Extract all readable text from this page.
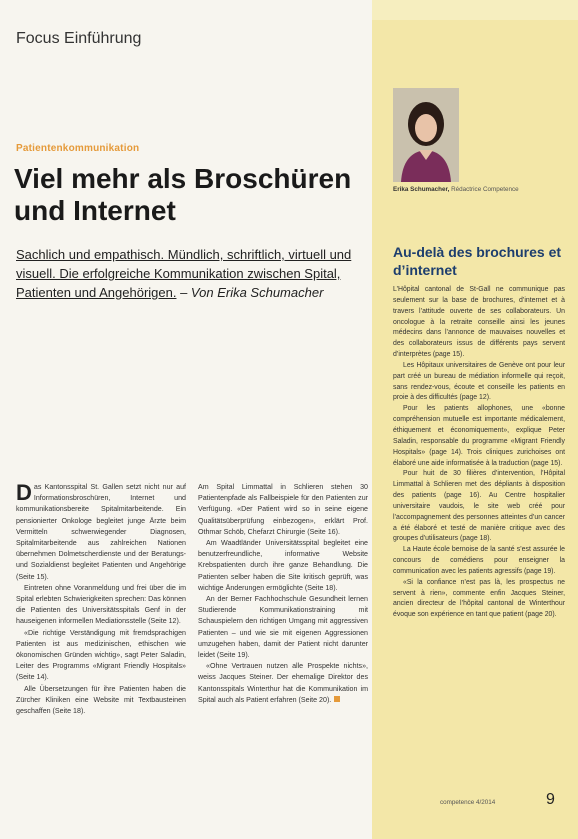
Focus Einführung
Patientenkommunikation
Viel mehr als Broschüren und Internet

Sachlich und empathisch. Mündlich, schriftlich, virtuell und visuell. Die erfolgreiche Kommunikation zwischen Spital, Patienten und Angehörigen. – Von Erika Schumacher

Das Kantonsspital St. Gallen setzt nicht nur auf Informationsbroschüren, Internet und kommunikationsbereite Spitalmitarbeitende. Ein pensionierter Onkologe begleitet junge Ärzte beim Vermitteln schwerwiegender Diagnosen, Spitalmitarbeitende aus zahlreichen Nationen übernehmen Dolmetscherdienste und der Beratungs- und Sozialdienst begleitet Patienten und Angehörige (Seite 15).

Eintreten ohne Voranmeldung und frei über die im Spital erlebten Schwierigkeiten sprechen: Das können die Patienten des Universitätsspitals Genf in der hauseigenen informellen Mediationsstelle (Seite 12).

«Die richtige Verständigung mit fremdsprachigen Patienten ist aus medizinischen, ethischen wie ökonomischen Gründen wichtig», sagt Peter Saladin, Leiter des Programms «Migrant Friendly Hospitals» (Seite 14).

Alle Übersetzungen für ihre Patienten haben die Zürcher Kliniken eine Website mit Textbausteinen geschaffen (Seite 18).

Am Spital Limmattal in Schlieren stehen 30 Patientenpfade als Fallbeispiele für den Patienten zur Verfügung. «Der Patient wird so in seine eigene Qualitätsüberprüfung einbezogen», erklärt Prof. Othmar Schöb, Chefarzt Chirurgie (Seite 16).

Am Waadtländer Universitätsspital begleitet eine benutzerfreundliche, informative Website Krebspatienten durch ihre ganze Behandlung. Die Patienten selber haben die Site kritisch geprüft, was wichtige Änderungen ermöglichte (Seite 18).

An der Berner Fachhochschule Gesundheit lernen Studierende Kommunikationstraining mit Schauspielern den richtigen Umgang mit aggressiven Patienten – und wie sie mit eigenen Aggressionen umzugehen haben, damit der Patient nicht darunter leidet (Seite 19).

«Ohne Vertrauen nutzen alle Prospekte nichts», weiss Jacques Steiner. Der ehemalige Direktor des Kantonsspitals Winterthur hat die Kommunikation im Spital auch als Patient erfahren (Seite 20).

Erika Schumacher, Rédactrice Competence
Au-delà des brochures et d’internet

L’Hôpital cantonal de St-Gall ne communique pas seulement sur la base de brochures, d’internet et à travers l’attitude ouverte de ses collaborateurs. Un oncologue à la retraite conseille ainsi les jeunes médecins dans l’annonce de mauvaises nouvelles et des collaborateurs issus de différents pays servent d’interprètes (page 15).

Les Hôpitaux universitaires de Genève ont pour leur part créé un bureau de médiation informelle qui reçoit, sans rendez-vous, écoute et conseille les patients en proie à des difficultés (page 12).

Pour les patients allophones, une «bonne compréhension mutuelle est importante médicalement, éthiquement et économiquement», explique Peter Saladin, responsable du programme «Migrant Friendly Hospitals» (page 14). Trois cliniques zurichoises ont élaboré une aide informatisée à la traduction (page 15).

Pour huit de 30 filières d’intervention, l’Hôpital Limmattal à Schlieren met des dépliants à disposition des patients (page 16). Au Centre hospitalier universitaire vaudois, le site web créé pour l’accompagnement des personnes atteintes d’un cancer a été élaboré et testé de manière critique avec des groupes d’utilisateurs (page 18).

La Haute école bernoise de la santé s’est assurée le concours de comédiens pour enseigner la communication avec les patients agressifs (page 19).

«Si la confiance n’est pas là, les prospectus ne servent à rien», commente enfin Jacques Steiner, ancien directeur de l’hôpital cantonal de Winterthour évoque son expérience en tant que patient (page 20).

competence 4/2014	9
